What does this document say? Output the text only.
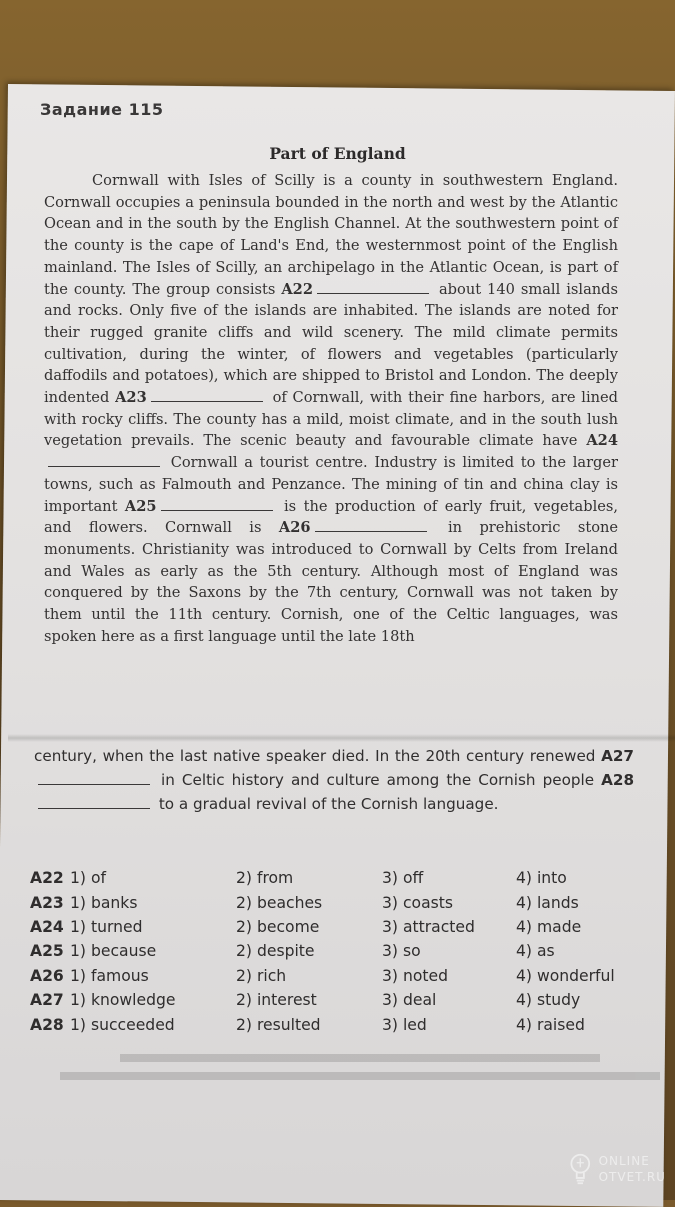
Задание 115

Part of England

Cornwall with Isles of Scilly is a county in southwestern England. Cornwall occupies a peninsula bounded in the north and west by the Atlantic Ocean and in the south by the English Channel. At the southwestern point of the county is the cape of Land's End, the westernmost point of the English mainland. The Isles of Scilly, an archipelago in the Atlantic Ocean, is part of the county. The group consists A22	about 140 small islands and rocks. Only five of the islands are inhabited. The islands are noted for their rugged granite cliffs and wild scenery. The mild climate permits cultivation, during the winter, of flowers and vegetables (particularly daffodils and potatoes), which are shipped to Bristol and London. The deeply indented A23	of Cornwall, with their fine harbors, are lined with rocky cliffs. The county has a mild, moist climate, and in the south lush vegetation prevails. The scenic beauty and favourable climate have A24 Cornwall a tourist centre. Industry is limited to the larger towns, such as Falmouth and Penzance. The mining of tin and china clay is important A25	is the production of early fruit, vegetables, and flowers. Cornwall is A26	in prehistoric stone monuments. Christianity was introduced to Cornwall by Celts from Ireland and Wales as early as the 5th century. Although most of England was conquered by the Saxons by the 7th century, Cornwall was not taken by them until the 11th century. Cornish, one of the Celtic languages, was spoken here as a first language until the late 18th

century, when the last native speaker died. In the 20th century renewed A27 in Celtic history and culture among the Cornish people A28 to a gradual revival of the Cornish language.

A22 1) of	2) from	3) off	4) into
A23 1) banks	2) beaches	3) coasts	4) lands
A24 1) turned	2) become	3) attracted	4) made
A25 1) because	2) despite	3) so	4) as
A26 1) famous	2) rich	3) noted	4) wonderful
A27 1) knowledge	2) interest	3) deal	4) study
A28 1) succeeded	2) resulted	3) led	4) raised
ONLINE
OTVET.RU
